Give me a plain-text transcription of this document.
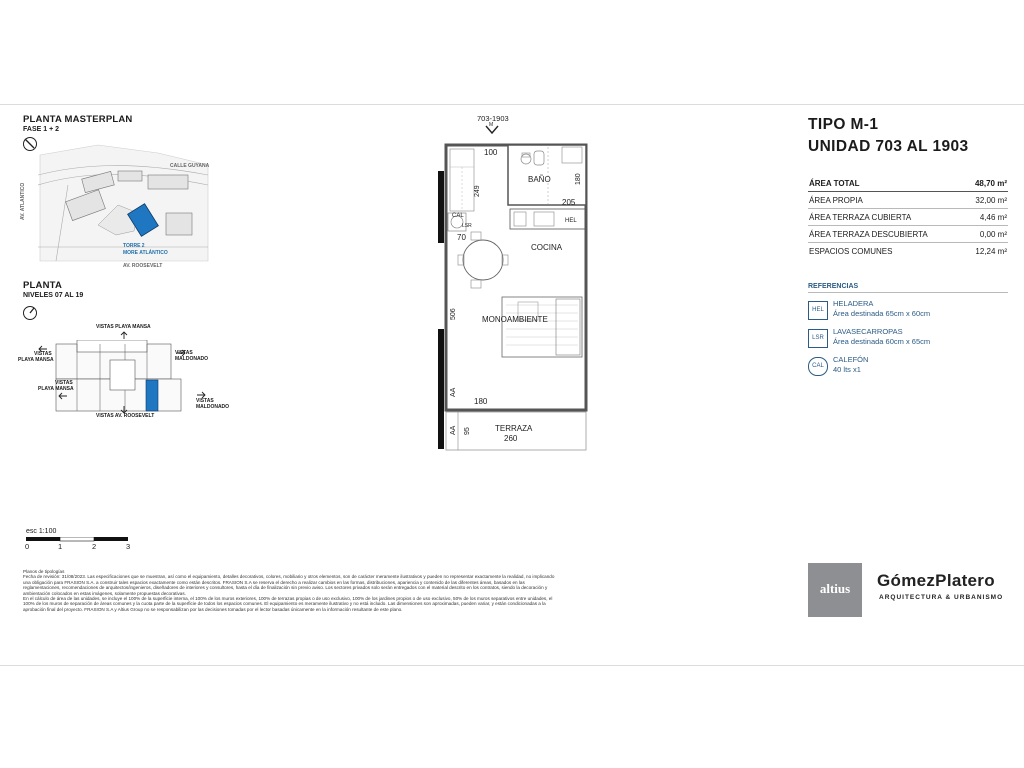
PLANTA MASTERPLAN
FASE 1 + 2
CALLE GUYANA
AV. ATLANTICO
TORRE 2
MORE ATLÁNTICO
AV. ROOSEVELT
PLANTA
NIVELES 07 AL 19
VISTAS PLAYA MANSA
VISTAS
PLAYA MANSA
VISTAS
MALDONADO
VISTAS
PLAYA MANSA
VISTAS
MALDONADO
VISTAS AV. ROOSEVELT
esc 1:100
0	1	2	3
Planos de tipologías
Fecha de revisión: 31/08/2023. Las especificaciones que se muestran, así como el equipamiento, detalles decorativos, colores, mobiliario y otros elementos, son de carácter meramente ilustrativos y pueden no representar exactamente la realidad, no implicando una obligación para FRASION S.A. a construir tales espacios exactamente como están descritos. FRASION S.A se reserva el derecho a realizar cambios en las formas, distribuciones, apariencia y contenido de las diferentes áreas, basados en las reglamentaciones, recomendaciones de arquitectos/ingenieros, diseñadores de interiores y consultores, hasta el día de finalización sin previo aviso. Los sectores privados solo serán entregados con el material descrito en los contratos, siendo la decoración y ambientación colocados en estas imágenes, solamente propuestas decorativas.
En el cálculo de área de las unidades, se incluye el 100% de la superficie interna, el 100% de los muros exteriores, 100% de terrazas propias o de uso exclusivo, 100% de los jardines propios o de uso exclusivo, 50% de los muros separativos entre unidades, el 100% de los muros de separación de áreas comunes y la cuota parte de la superficie de todos los espacios comunes. El equipamiento es meramente ilustrativo y no está incluido. Las dimensiones son aproximadas, pueden variar, y están condicionadas a la aprobación final del proyecto. FRASION S.A y Altius Group no se responsabilizan por las decisiones tomadas por el lector basadas únicamente en la información resultante de este plano.
703-1903
M
100
249
BAÑO	180
205
CAL
LSR
HEL
70
COCINA
506	MONOAMBIENTE
AA
180
AA 95	TERRAZA
260
TIPO M-1
UNIDAD 703 AL 1903
ÁREA TOTAL	48,70 m²
ÁREA PROPIA	32,00 m²
ÁREA TERRAZA CUBIERTA	4,46 m²
ÁREA TERRAZA DESCUBIERTA	0,00 m²
ESPACIOS COMUNES	12,24 m²
REFERENCIAS
HEL
HELADERA
Área destinada 65cm x 60cm
LSR
LAVASECARROPAS
Área destinada 60cm x 65cm
CAL
CALEFÓN
40 lts x1
altius	GómezPlatero
ARQUITECTURA & URBANISMO
